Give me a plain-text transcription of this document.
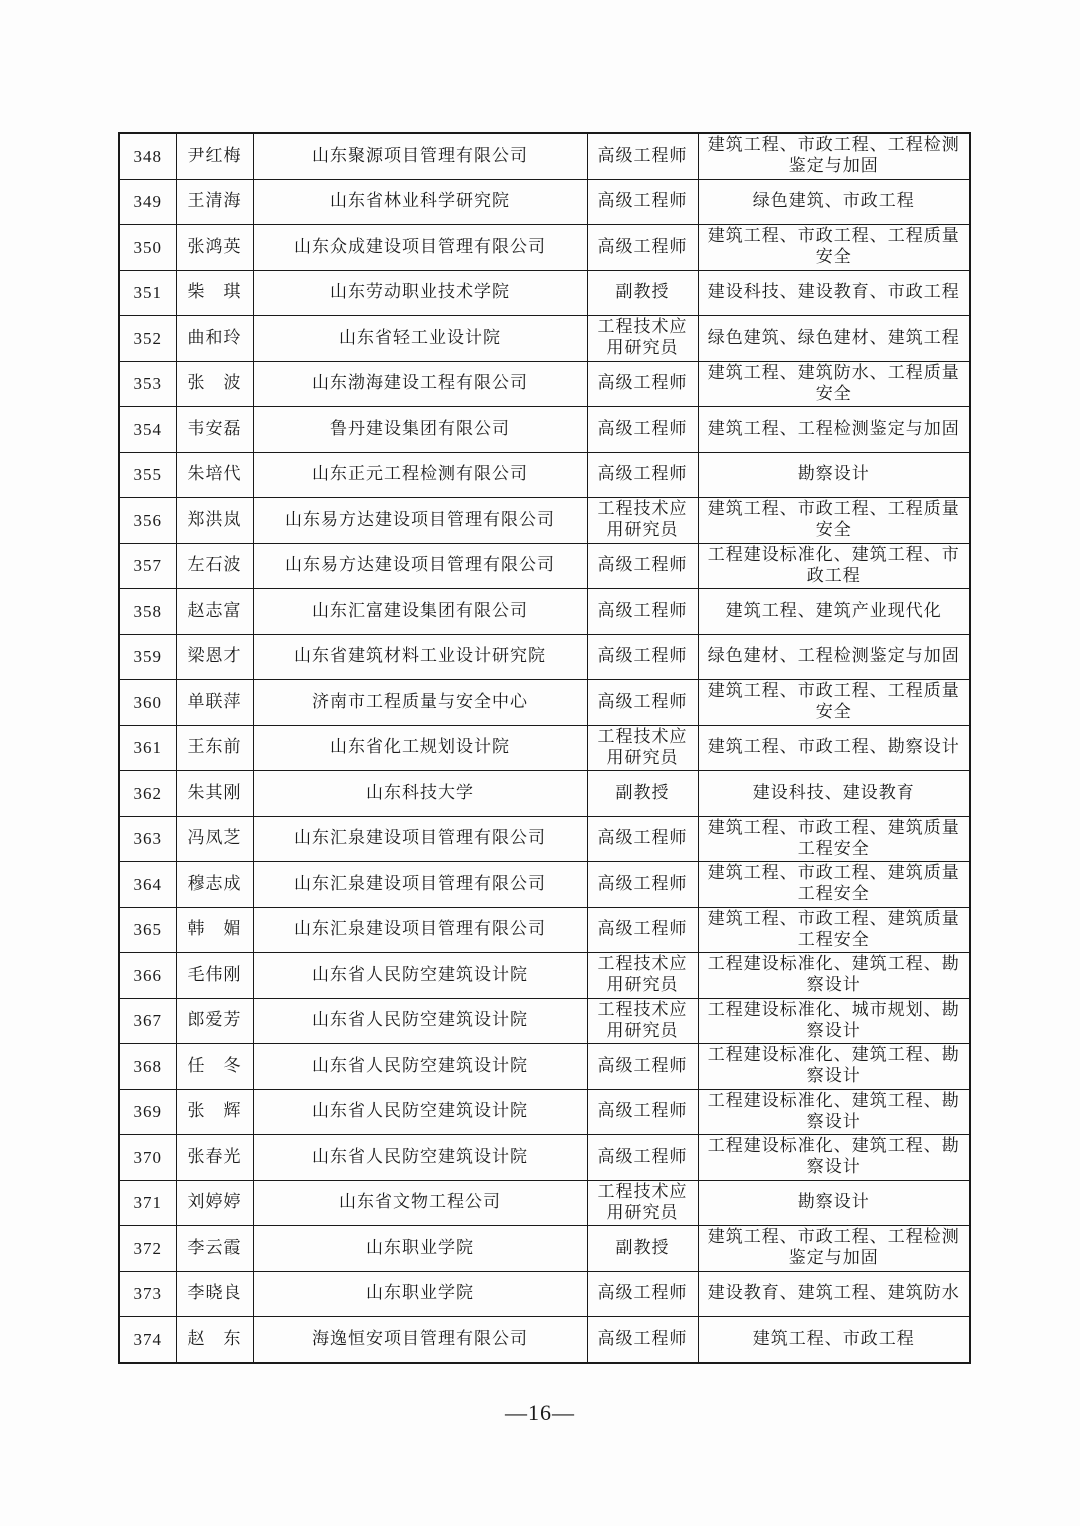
348	尹红梅	山东聚源项目管理有限公司	高级工程师	建筑工程、市政工程、工程检测鉴定与加固
349	王清海	山东省林业科学研究院	高级工程师	绿色建筑、市政工程
350	张鸿英	山东众成建设项目管理有限公司	高级工程师	建筑工程、市政工程、工程质量安全
351	柴　琪	山东劳动职业技术学院	副教授	建设科技、建设教育、市政工程
352	曲和玲	山东省轻工业设计院	工程技术应用研究员	绿色建筑、绿色建材、建筑工程
353	张　波	山东渤海建设工程有限公司	高级工程师	建筑工程、建筑防水、工程质量安全
354	韦安磊	鲁丹建设集团有限公司	高级工程师	建筑工程、工程检测鉴定与加固
355	朱培代	山东正元工程检测有限公司	高级工程师	勘察设计
356	郑洪岚	山东易方达建设项目管理有限公司	工程技术应用研究员	建筑工程、市政工程、工程质量安全
357	左石波	山东易方达建设项目管理有限公司	高级工程师	工程建设标准化、建筑工程、市政工程
358	赵志富	山东汇富建设集团有限公司	高级工程师	建筑工程、建筑产业现代化
359	梁恩才	山东省建筑材料工业设计研究院	高级工程师	绿色建材、工程检测鉴定与加固
360	单联萍	济南市工程质量与安全中心	高级工程师	建筑工程、市政工程、工程质量安全
361	王东前	山东省化工规划设计院	工程技术应用研究员	建筑工程、市政工程、勘察设计
362	朱其刚	山东科技大学	副教授	建设科技、建设教育
363	冯凤芝	山东汇泉建设项目管理有限公司	高级工程师	建筑工程、市政工程、建筑质量工程安全
364	穆志成	山东汇泉建设项目管理有限公司	高级工程师	建筑工程、市政工程、建筑质量工程安全
365	韩　媚	山东汇泉建设项目管理有限公司	高级工程师	建筑工程、市政工程、建筑质量工程安全
366	毛伟刚	山东省人民防空建筑设计院	工程技术应用研究员	工程建设标准化、建筑工程、勘察设计
367	郎爱芳	山东省人民防空建筑设计院	工程技术应用研究员	工程建设标准化、城市规划、勘察设计
368	任　冬	山东省人民防空建筑设计院	高级工程师	工程建设标准化、建筑工程、勘察设计
369	张　辉	山东省人民防空建筑设计院	高级工程师	工程建设标准化、建筑工程、勘察设计
370	张春光	山东省人民防空建筑设计院	高级工程师	工程建设标准化、建筑工程、勘察设计
371	刘婷婷	山东省文物工程公司	工程技术应用研究员	勘察设计
372	李云霞	山东职业学院	副教授	建筑工程、市政工程、工程检测鉴定与加固
373	李晓良	山东职业学院	高级工程师	建设教育、建筑工程、建筑防水
374	赵　东	海逸恒安项目管理有限公司	高级工程师	建筑工程、市政工程
—16—
